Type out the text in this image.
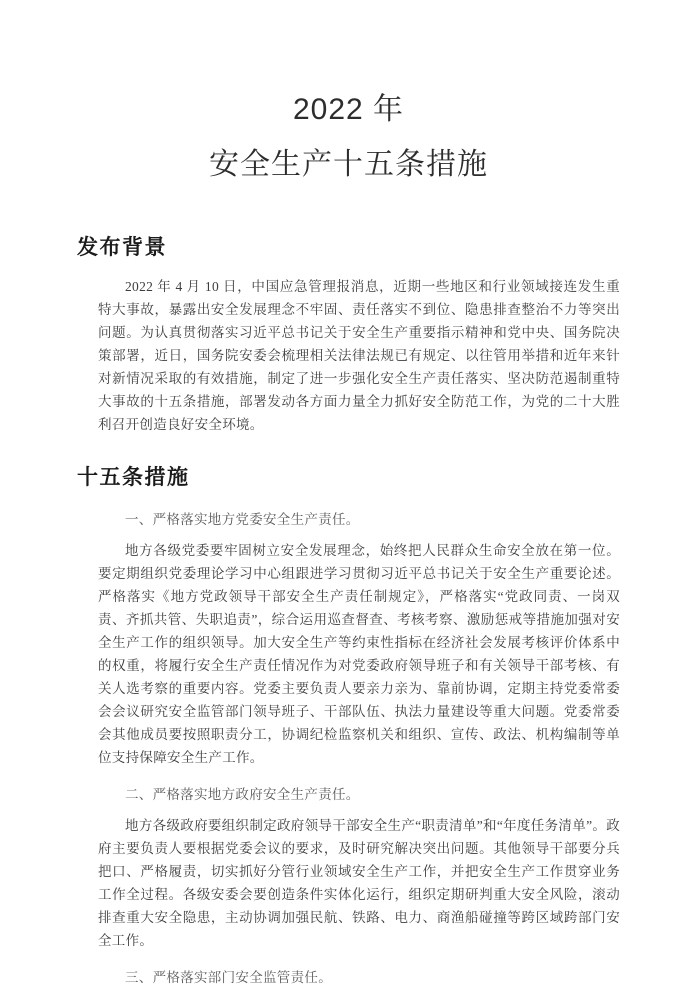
2022 年

安全生产十五条措施

发布背景

2022 年 4 月 10 日，中国应急管理报消息，近期一些地区和行业领域接连发生重特大事故，暴露出安全发展理念不牢固、责任落实不到位、隐患排查整治不力等突出问题。为认真贯彻落实习近平总书记关于安全生产重要指示精神和党中央、国务院决策部署，近日，国务院安委会梳理相关法律法规已有规定、以往管用举措和近年来针对新情况采取的有效措施，制定了进一步强化安全生产责任落实、坚决防范遏制重特大事故的十五条措施，部署发动各方面力量全力抓好安全防范工作，为党的二十大胜利召开创造良好安全环境。

十五条措施

一、严格落实地方党委安全生产责任。

地方各级党委要牢固树立安全发展理念，始终把人民群众生命安全放在第一位。要定期组织党委理论学习中心组跟进学习贯彻习近平总书记关于安全生产重要论述。严格落实《地方党政领导干部安全生产责任制规定》，严格落实“党政同责、一岗双责、齐抓共管、失职追责”，综合运用巡查督查、考核考察、激励惩戒等措施加强对安全生产工作的组织领导。加大安全生产等约束性指标在经济社会发展考核评价体系中的权重，将履行安全生产责任情况作为对党委政府领导班子和有关领导干部考核、有关人选考察的重要内容。党委主要负责人要亲力亲为、靠前协调，定期主持党委常委会会议研究安全监管部门领导班子、干部队伍、执法力量建设等重大问题。党委常委会其他成员要按照职责分工，协调纪检监察机关和组织、宣传、政法、机构编制等单位支持保障安全生产工作。

二、严格落实地方政府安全生产责任。

地方各级政府要组织制定政府领导干部安全生产“职责清单”和“年度任务清单”。政府主要负责人要根据党委会议的要求，及时研究解决突出问题。其他领导干部要分兵把口、严格履责，切实抓好分管行业领域安全生产工作，并把安全生产工作贯穿业务工作全过程。各级安委会要创造条件实体化运行，组织定期研判重大安全风险，滚动排查重大安全隐患，主动协调加强民航、铁路、电力、商渔船碰撞等跨区域跨部门安全工作。

三、严格落实部门安全监管责任。
